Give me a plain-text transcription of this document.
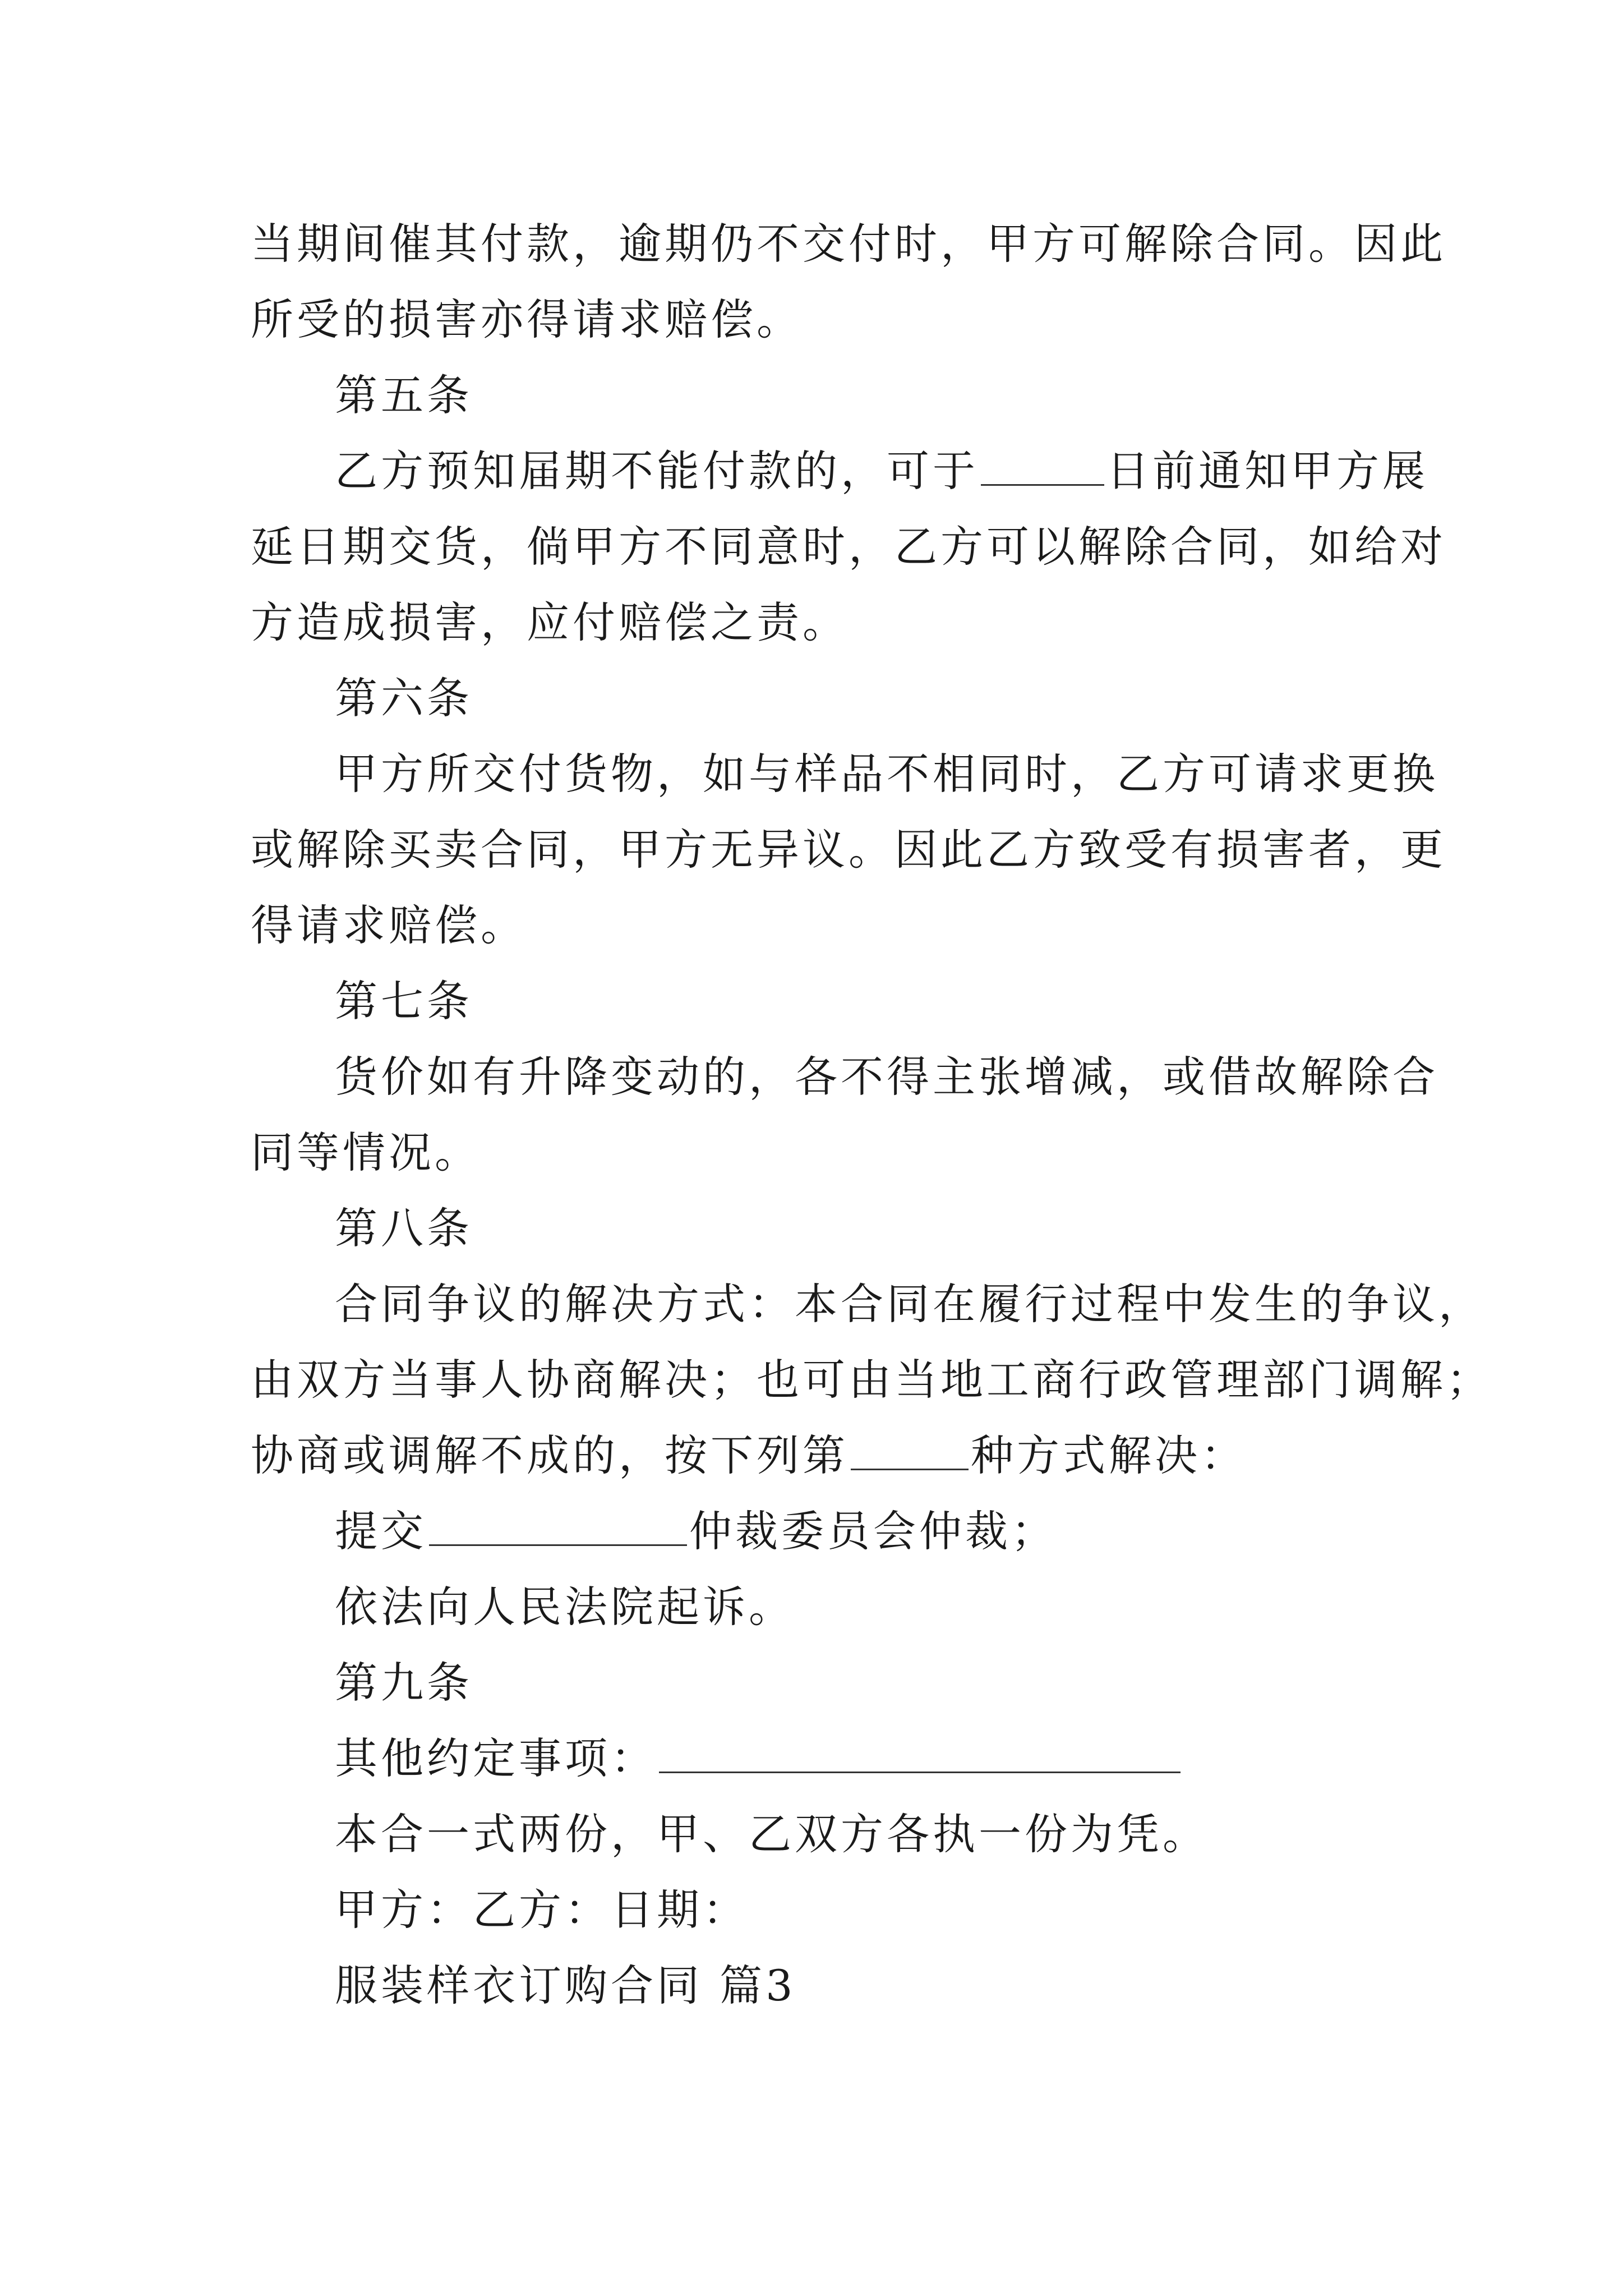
当期间催其付款，逾期仍不交付时，甲方可解除合同。因此
所受的损害亦得请求赔偿。
第五条
乙方预知届期不能付款的，可于	日前通知甲方展
延日期交货，倘甲方不同意时，乙方可以解除合同，如给对
方造成损害，应付赔偿之责。
第六条
甲方所交付货物，如与样品不相同时，乙方可请求更换
或解除买卖合同，甲方无异议。因此乙方致受有损害者，更
得请求赔偿。
第七条
货价如有升降变动的，各不得主张增减，或借故解除合
同等情况。
第八条
合同争议的解决方式：本合同在履行过程中发生的争议，
由双方当事人协商解决；也可由当地工商行政管理部门调解；
协商或调解不成的，按下列第	种方式解决：
提交	仲裁委员会仲裁；
依法向人民法院起诉。
第九条
其他约定事项：
本合一式两份，甲、乙双方各执一份为凭。
甲方：乙方：日期：
服装样衣订购合同 篇3
